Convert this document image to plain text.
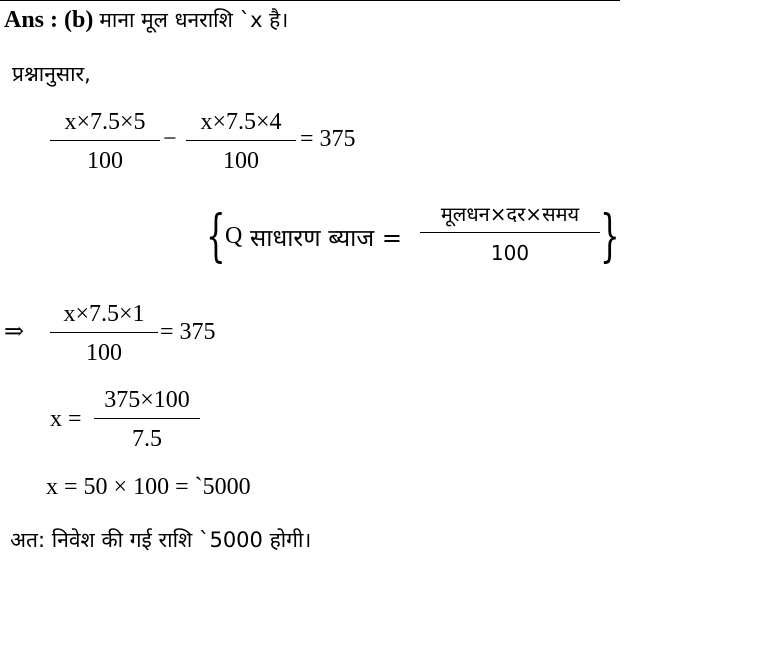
Ans : (b) माना मूल धनराशि `x है।
प्रश्नानुसार,
x×7.5×5
100
−
x×7.5×4
100
= 375
{ Q साधारण ब्याज =
मूलधन×दर×समय
100	}
⇒
x×7.5×1
100
= 375
x =
375×100
7.5
x = 50 × 100 = `5000
अत: निवेश की गई राशि `5000 होगी।
